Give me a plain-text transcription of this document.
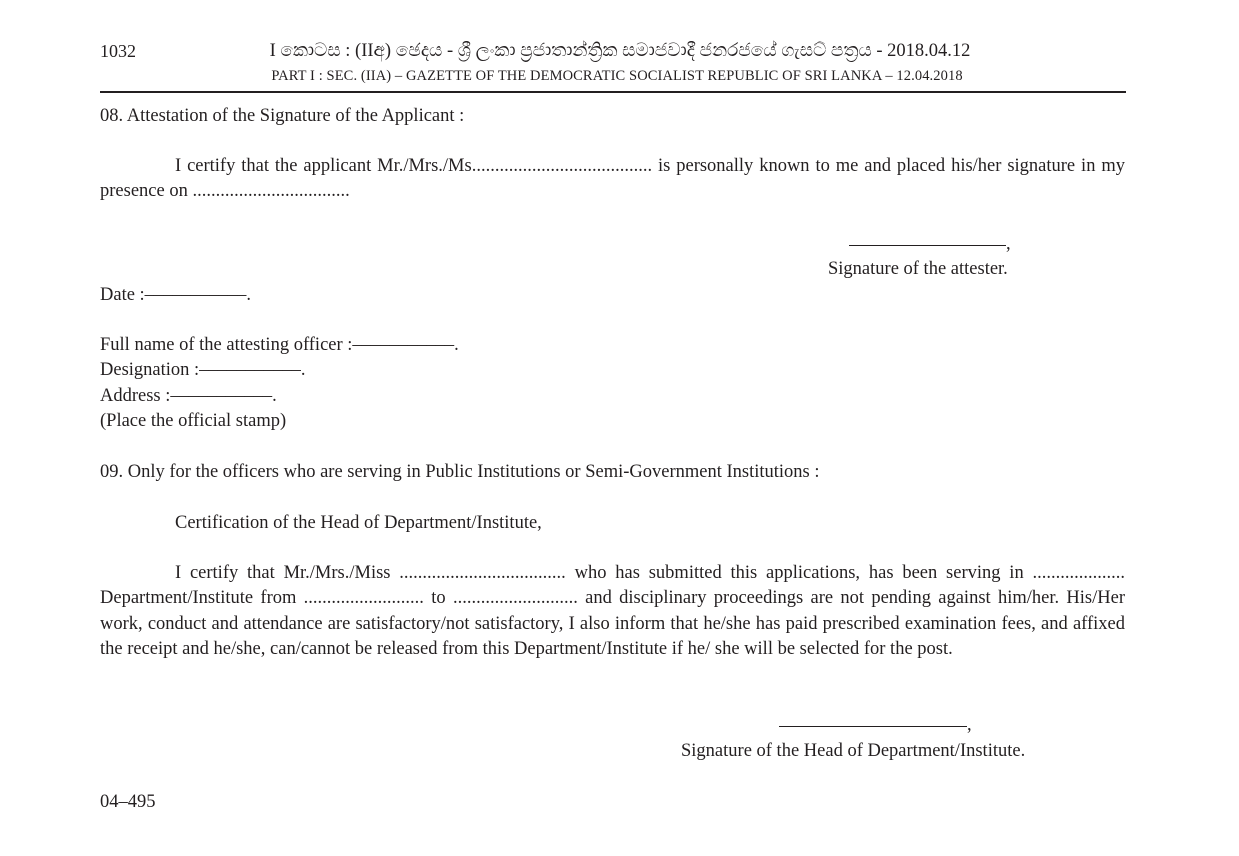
1032	I කොටස : (IIඅ) ඡෙදය - ශ්‍රී ලංකා ප්‍රජාතාන්ත්‍රික සමාජවාදී ජනරජයේ ගැසට් පත්‍රය - 2018.04.12
PART I : SEC. (IIA) – GAZETTE OF THE DEMOCRATIC SOCIALIST REPUBLIC OF SRI LANKA – 12.04.2018
08. Attestation of the Signature of the Applicant :
I certify that the applicant Mr./Mrs./Ms....................................... is personally known to me and placed his/her signature in my presence on ..................................
,
Signature of the attester.
Date :–––––––––––.
Full name of the attesting officer :–––––––––––.
Designation :–––––––––––.
Address :–––––––––––.
(Place the official stamp)
09. Only for the officers who are serving in Public Institutions or Semi-Government Institutions :
Certification of the Head of Department/Institute,
I certify that Mr./Mrs./Miss .................................... who has submitted this applications, has been serving in .................... Department/Institute from .......................... to ........................... and disciplinary proceedings are not pending against him/her. His/Her work, conduct and attendance are satisfactory/not satisfactory, I also inform that he/she has paid prescribed examination fees, and affixed the receipt and he/she, can/cannot be released from this Department/Institute if he/ she will be selected for the post.
,
Signature of the Head of Department/Institute.
04–495
